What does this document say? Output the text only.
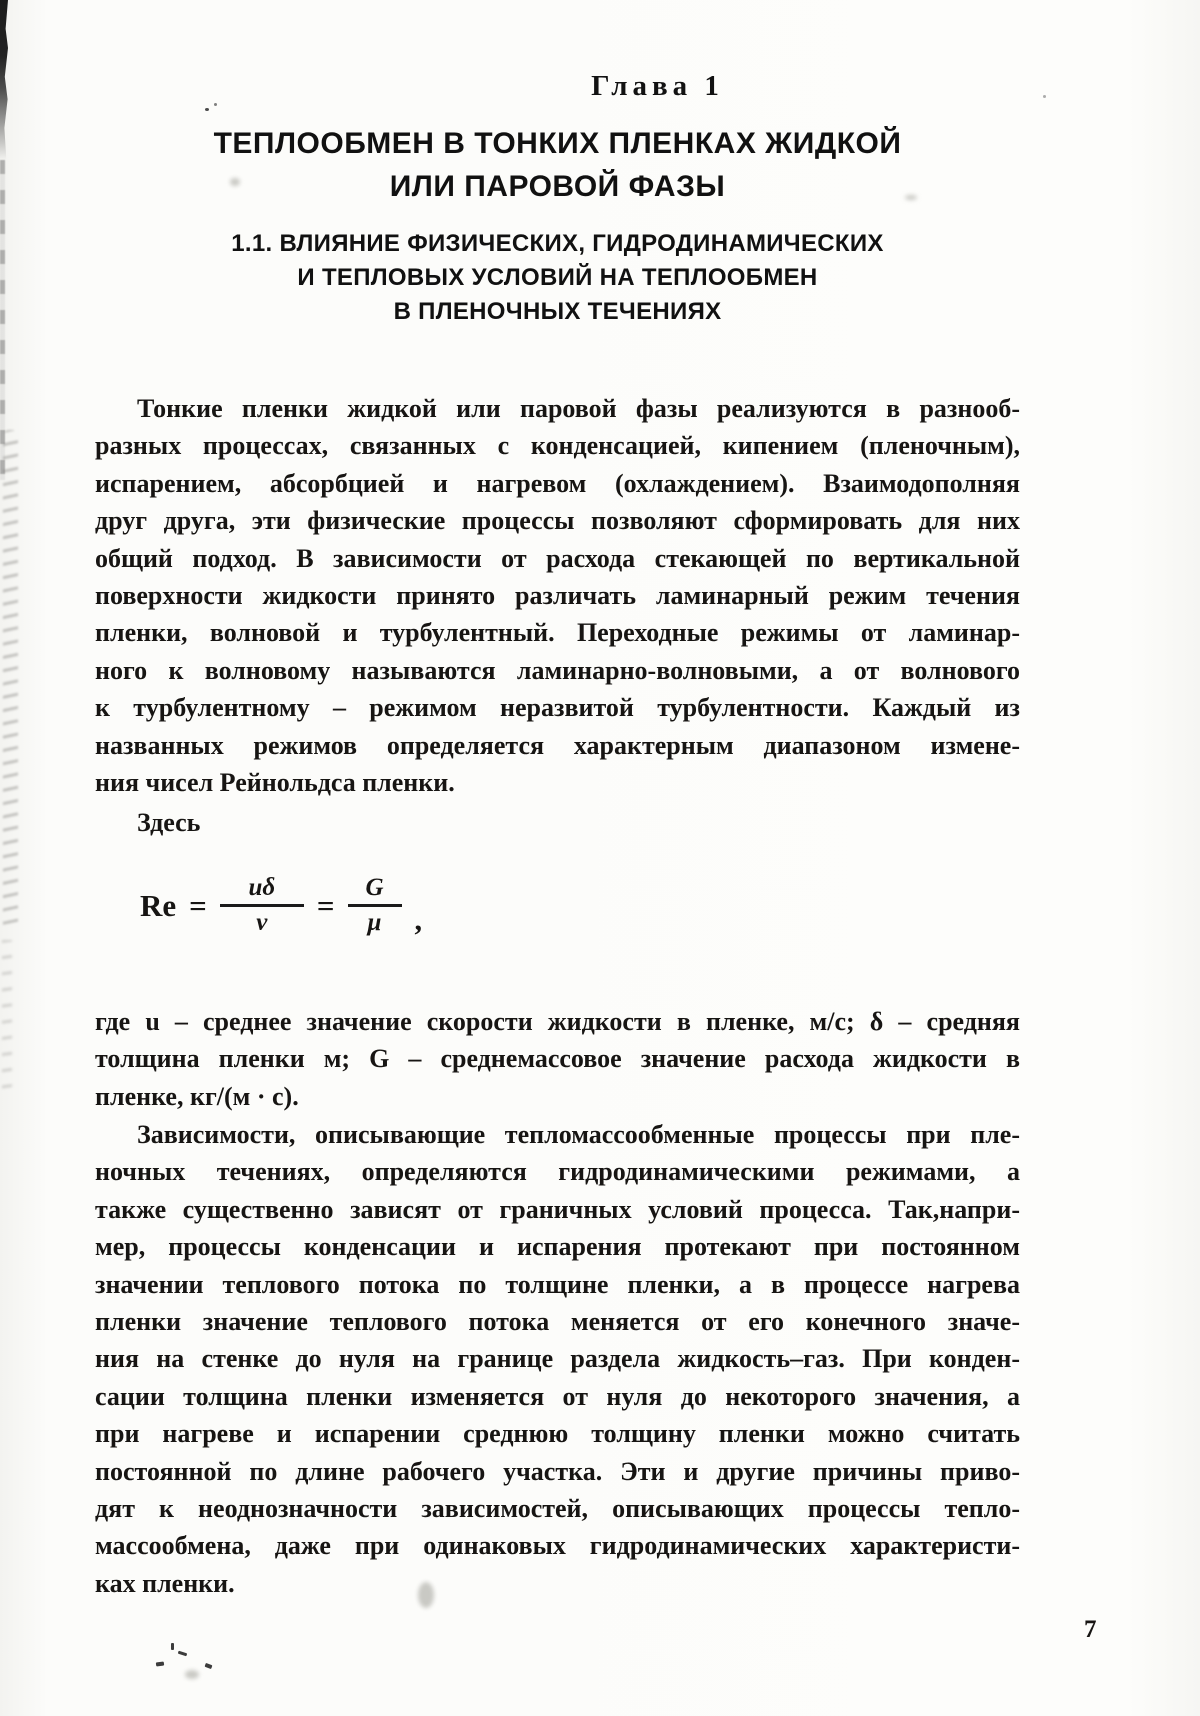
Глава 1
ТЕПЛООБМЕН В ТОНКИХ ПЛЕНКАХ ЖИДКОЙ
ИЛИ ПАРОВОЙ ФАЗЫ
1.1. ВЛИЯНИЕ ФИЗИЧЕСКИХ, ГИДРОДИНАМИЧЕСКИХ
И ТЕПЛОВЫХ УСЛОВИЙ НА ТЕПЛООБМЕН
В ПЛЕНОЧНЫХ ТЕЧЕНИЯХ
Тонкие пленки жидкой или паровой фазы реализуются в разнооб-
разных процессах, связанных с конденсацией, кипением (пленочным),
испарением, абсорбцией и нагревом (охлаждением). Взаимодополняя
друг друга, эти физические процессы позволяют сформировать для них
общий подход. В зависимости от расхода стекающей по вертикальной
поверхности жидкости принято различать ламинарный режим течения
пленки, волновой и турбулентный. Переходные режимы от ламинар-
ного к волновому называются ламинарно-волновыми, а от волнового
к турбулентному – режимом неразвитой турбулентности. Каждый из
названных режимов определяется характерным диапазоном измене-
ния чисел Рейнольдса пленки.
Здесь
$Re = \frac{u\delta}{\nu} = \frac{G}{\mu}$ ,
где u – среднее значение скорости жидкости в пленке, м/с; δ – средняя
толщина пленки м; G – среднемассовое значение расхода жидкости в
пленке, кг/(м · с).
Зависимости, описывающие тепломассообменные процессы при пле-
ночных течениях, определяются гидродинамическими режимами, а
также существенно зависят от граничных условий процесса. Так,напри-
мер, процессы конденсации и испарения протекают при постоянном
значении теплового потока по толщине пленки, а в процессе нагрева
пленки значение теплового потока меняется от его конечного значе-
ния на стенке до нуля на границе раздела жидкость–газ. При конден-
сации толщина пленки изменяется от нуля до некоторого значения, а
при нагреве и испарении среднюю толщину пленки можно считать
постоянной по длине рабочего участка. Эти и другие причины приво-
дят к неоднозначности зависимостей, описывающих процессы тепло-
массообмена, даже при одинаковых гидродинамических характеристи-
ках пленки.
7
